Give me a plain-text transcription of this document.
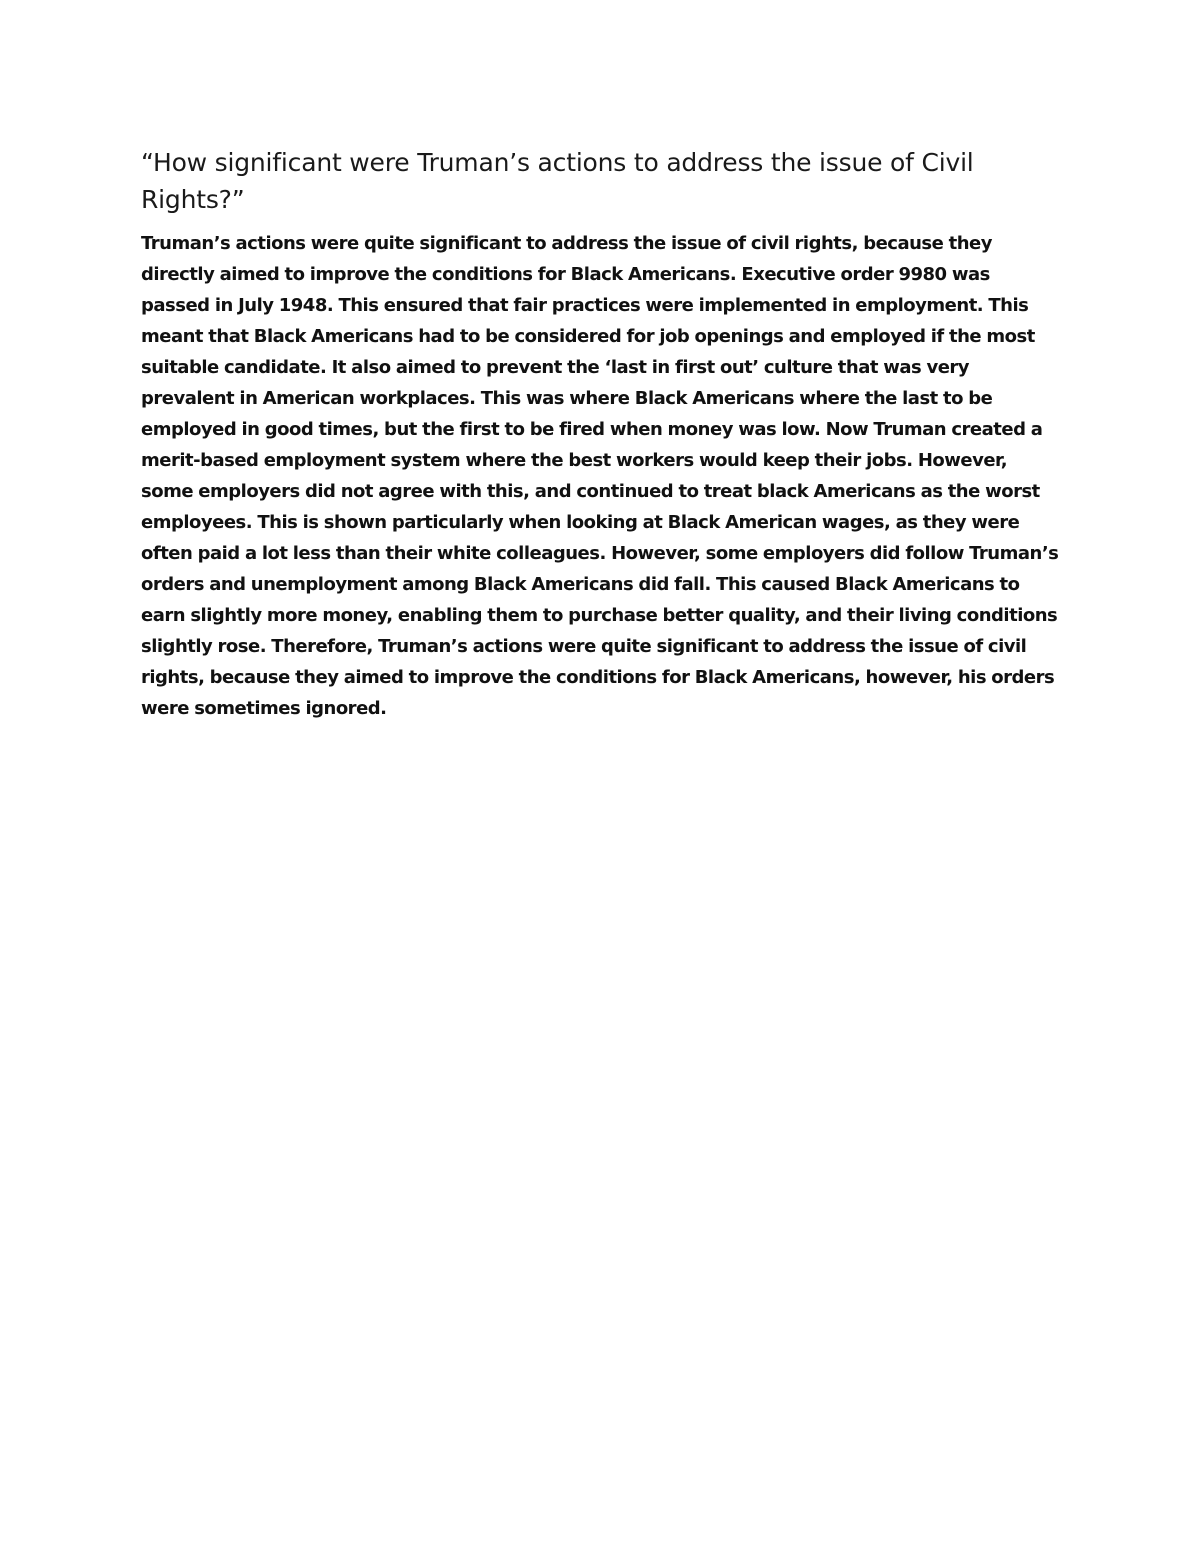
“How significant were Truman’s actions to address the issue of Civil Rights?”

Truman’s actions were quite significant to address the issue of civil rights, because they directly aimed to improve the conditions for Black Americans. Executive order 9980 was passed in July 1948. This ensured that fair practices were implemented in employment. This meant that Black Americans had to be considered for job openings and employed if the most suitable candidate. It also aimed to prevent the ‘last in first out’ culture that was very prevalent in American workplaces. This was where Black Americans where the last to be employed in good times, but the first to be fired when money was low. Now Truman created a merit-based employment system where the best workers would keep their jobs. However, some employers did not agree with this, and continued to treat black Americans as the worst employees. This is shown particularly when looking at Black American wages, as they were often paid a lot less than their white colleagues. However, some employers did follow Truman’s orders and unemployment among Black Americans did fall. This caused Black Americans to earn slightly more money, enabling them to purchase better quality, and their living conditions slightly rose. Therefore, Truman’s actions were quite significant to address the issue of civil rights, because they aimed to improve the conditions for Black Americans, however, his orders were sometimes ignored.
